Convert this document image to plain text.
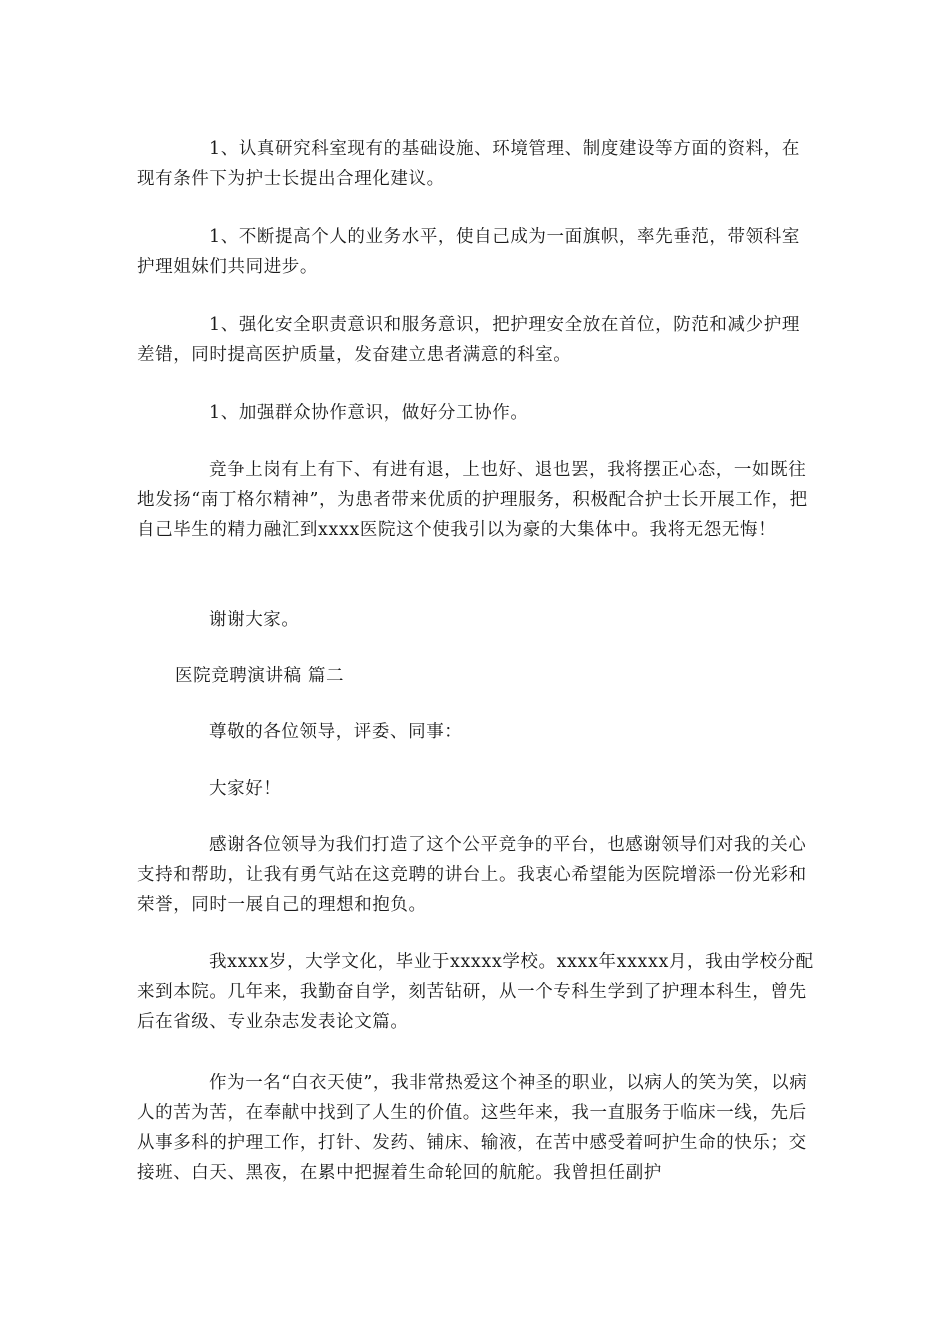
1、认真研究科室现有的基础设施、环境管理、制度建设等方面的资料，在现有条件下为护士长提出合理化建议。

1、不断提高个人的业务水平，使自己成为一面旗帜，率先垂范，带领科室护理姐妹们共同进步。

1、强化安全职责意识和服务意识，把护理安全放在首位，防范和减少护理差错，同时提高医护质量，发奋建立患者满意的科室。

1、加强群众协作意识，做好分工协作。

竞争上岗有上有下、有进有退，上也好、退也罢，我将摆正心态，一如既往地发扬“南丁格尔精神”，为患者带来优质的护理服务，积极配合护士长开展工作，把自己毕生的精力融汇到xxxx医院这个使我引以为豪的大集体中。我将无怨无悔！

谢谢大家。

医院竞聘演讲稿 篇二

尊敬的各位领导，评委、同事：

大家好！

感谢各位领导为我们打造了这个公平竞争的平台，也感谢领导们对我的关心支持和帮助，让我有勇气站在这竞聘的讲台上。我衷心希望能为医院增添一份光彩和荣誉，同时一展自己的理想和抱负。

我xxxx岁，大学文化，毕业于xxxxx学校。xxxx年xxxxx月，我由学校分配来到本院。几年来，我勤奋自学，刻苦钻研，从一个专科生学到了护理本科生，曾先后在省级、专业杂志发表论文篇。

作为一名“白衣天使”，我非常热爱这个神圣的职业，以病人的笑为笑，以病人的苦为苦，在奉献中找到了人生的价值。这些年来，我一直服务于临床一线，先后从事多科的护理工作，打针、发药、铺床、输液，在苦中感受着呵护生命的快乐；交接班、白天、黑夜，在累中把握着生命轮回的航舵。我曾担任副护
